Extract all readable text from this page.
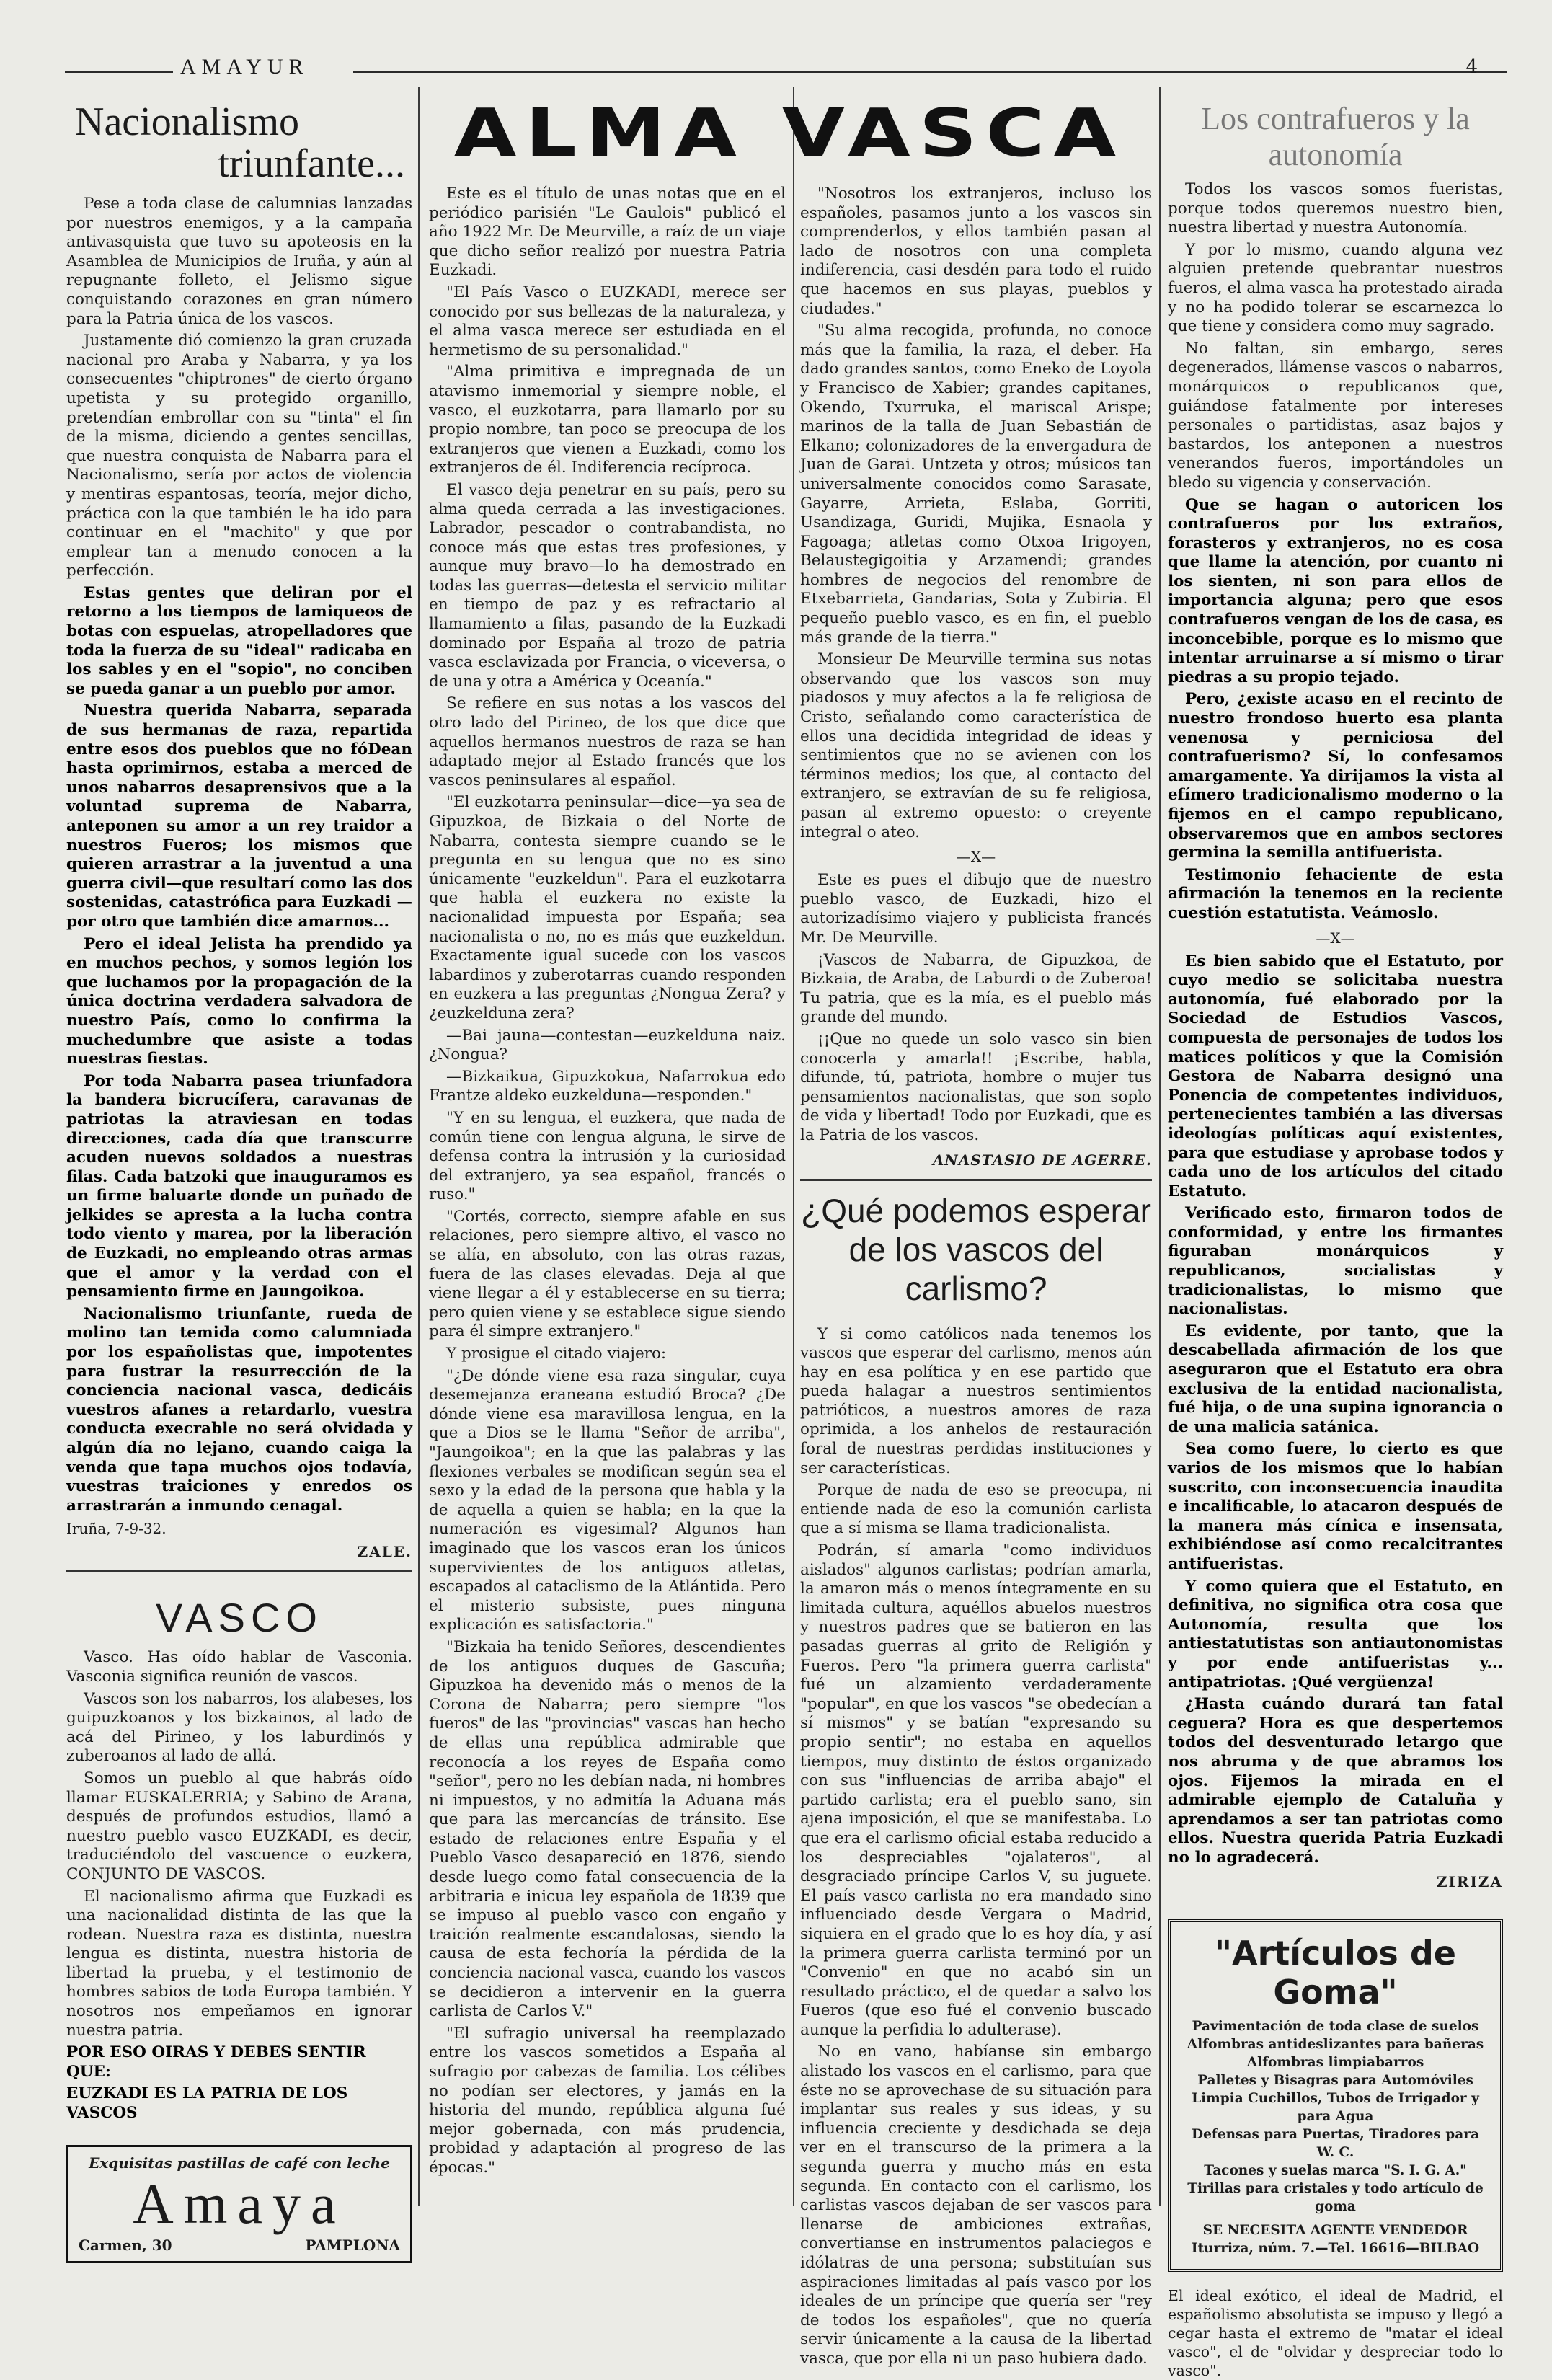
AMAYUR	4
Nacionalismo
triunfante...

Pese a toda clase de calumnias lanzadas por nuestros enemigos, y a la campaña antivasquista que tuvo su apoteosis en la Asamblea de Municipios de Iruña, y aún al repugnante folleto, el Jelismo sigue conquistando corazones en gran número para la Patria única de los vascos.

Justamente dió comienzo la gran cruzada nacional pro Araba y Nabarra, y ya los consecuentes "chiptrones" de cierto órgano upetista y su protegido organillo, pretendían embrollar con su "tinta" el fin de la misma, diciendo a gentes sencillas, que nuestra conquista de Nabarra para el Nacionalismo, sería por actos de violencia y mentiras espantosas, teoría, mejor dicho, práctica con la que también le ha ido para continuar en el "machito" y que por emplear tan a menudo conocen a la perfección.

Estas gentes que deliran por el retorno a los tiempos de lamiqueos de botas con espuelas, atropelladores que toda la fuerza de su "ideal" radicaba en los sables y en el "sopio", no conciben se pueda ganar a un pueblo por amor.

Nuestra querida Nabarra, separada de sus hermanas de raza, repartida entre esos dos pueblos que no fóDean hasta oprimirnos, estaba a merced de unos nabarros desaprensivos que a la voluntad suprema de Nabarra, anteponen su amor a un rey traidor a nuestros Fueros; los mismos que quieren arrastrar a la juventud a una guerra civil—que resultarí como las dos sostenidas, catastrófica para Euzkadi — por otro que también dice amarnos...

Pero el ideal Jelista ha prendido ya en muchos pechos, y somos legión los que luchamos por la propagación de la única doctrina verdadera salvadora de nuestro País, como lo confirma la muchedumbre que asiste a todas nuestras fiestas.

Por toda Nabarra pasea triunfadora la bandera bicrucífera, caravanas de patriotas la atraviesan en todas direcciones, cada día que transcurre acuden nuevos soldados a nuestras filas. Cada batzoki que inauguramos es un firme baluarte donde un puñado de jelkides se apresta a la lucha contra todo viento y marea, por la liberación de Euzkadi, no empleando otras armas que el amor y la verdad con el pensamiento firme en Jaungoikoa.

Nacionalismo triunfante, rueda de molino tan temida como calumniada por los españolistas que, impotentes para fustrar la resurrección de la conciencia nacional vasca, dedicáis vuestros afanes a retardarlo, vuestra conducta execrable no será olvidada y algún día no lejano, cuando caiga la venda que tapa muchos ojos todavía, vuestras traiciones y enredos os arrastrarán a inmundo cenagal.

Iruña, 7-9-32.
ZALE.
VASCO

Vasco. Has oído hablar de Vasconia. Vasconia significa reunión de vascos.

Vascos son los nabarros, los alabeses, los guipuzkoanos y los bizkainos, al lado de acá del Pirineo, y los laburdinós y zuberoanos al lado de allá.

Somos un pueblo al que habrás oído llamar EUSKALERRIA; y Sabino de Arana, después de profundos estudios, llamó a nuestro pueblo vasco EUZKADI, es decir, traduciéndolo del vascuence o euzkera, CONJUNTO DE VASCOS.

El nacionalismo afirma que Euzkadi es una nacionalidad distinta de las que la rodean. Nuestra raza es distinta, nuestra lengua es distinta, nuestra historia de libertad la prueba, y el testimonio de hombres sabios de toda Europa también. Y nosotros nos empeñamos en ignorar nuestra patria.

POR ESO OIRAS Y DEBES SENTIR QUE:

EUZKADI ES LA PATRIA DE LOS VASCOS

Exquisitas pastillas de café con leche
Amaya
Carmen, 30	PAMPLONA
ALMA VASCA

Este es el título de unas notas que en el periódico parisién "Le Gaulois" publicó el año 1922 Mr. De Meurville, a raíz de un viaje que dicho señor realizó por nuestra Patria Euzkadi.

"El País Vasco o EUZKADI, merece ser conocido por sus bellezas de la naturaleza, y el alma vasca merece ser estudiada en el hermetismo de su personalidad."

"Alma primitiva e impregnada de un atavismo inmemorial y siempre noble, el vasco, el euzkotarra, para llamarlo por su propio nombre, tan poco se preocupa de los extranjeros que vienen a Euzkadi, como los extranjeros de él. Indiferencia recíproca.

El vasco deja penetrar en su país, pero su alma queda cerrada a las investigaciones. Labrador, pescador o contrabandista, no conoce más que estas tres profesiones, y aunque muy bravo—lo ha demostrado en todas las guerras—detesta el servicio militar en tiempo de paz y es refractario al llamamiento a filas, pasando de la Euzkadi dominado por España al trozo de patria vasca esclavizada por Francia, o viceversa, o de una y otra a América y Oceanía."

Se refiere en sus notas a los vascos del otro lado del Pirineo, de los que dice que aquellos hermanos nuestros de raza se han adaptado mejor al Estado francés que los vascos peninsulares al español.

"El euzkotarra peninsular—dice—ya sea de Gipuzkoa, de Bizkaia o del Norte de Nabarra, contesta siempre cuando se le pregunta en su lengua que no es sino únicamente "euzkeldun". Para el euzkotarra que habla el euzkera no existe la nacionalidad impuesta por España; sea nacionalista o no, no es más que euzkeldun. Exactamente igual sucede con los vascos labardinos y zuberotarras cuando responden en euzkera a las preguntas ¿Nongua Zera? y ¿euzkelduna zera?

—Bai jauna—contestan—euzkelduna naiz. ¿Nongua?

—Bizkaikua, Gipuzkokua, Nafarrokua edo Frantze aldeko euzkelduna—responden."

"Y en su lengua, el euzkera, que nada de común tiene con lengua alguna, le sirve de defensa contra la intrusión y la curiosidad del extranjero, ya sea español, francés o ruso."

"Cortés, correcto, siempre afable en sus relaciones, pero siempre altivo, el vasco no se alía, en absoluto, con las otras razas, fuera de las clases elevadas. Deja al que viene llegar a él y establecerse en su tierra; pero quien viene y se establece sigue siendo para él simpre extranjero."

Y prosigue el citado viajero:

"¿De dónde viene esa raza singular, cuya desemejanza eraneana estudió Broca? ¿De dónde viene esa maravillosa lengua, en la que a Dios se le llama "Señor de arriba", "Jaungoikoa"; en la que las palabras y las flexiones verbales se modifican según sea el sexo y la edad de la persona que habla y la de aquella a quien se habla; en la que la numeración es vigesimal? Algunos han imaginado que los vascos eran los únicos supervivientes de los antiguos atletas, escapados al cataclismo de la Atlántida. Pero el misterio subsiste, pues ninguna explicación es satisfactoria."

"Bizkaia ha tenido Señores, descendientes de los antiguos duques de Gascuña; Gipuzkoa ha devenido más o menos de la Corona de Nabarra; pero siempre "los fueros" de las "provincias" vascas han hecho de ellas una república admirable que reconocía a los reyes de España como "señor", pero no les debían nada, ni hombres ni impuestos, y no admitía la Aduana más que para las mercancías de tránsito. Ese estado de relaciones entre España y el Pueblo Vasco desapareció en 1876, siendo desde luego como fatal consecuencia de la arbitraria e inicua ley española de 1839 que se impuso al pueblo vasco con engaño y traición realmente escandalosas, siendo la causa de esta fechoría la pérdida de la conciencia nacional vasca, cuando los vascos se decidieron a intervenir en la guerra carlista de Carlos V."

"El sufragio universal ha reemplazado entre los vascos sometidos a España al sufragio por cabezas de familia. Los célibes no podían ser electores, y jamás en la historia del mundo, república alguna fué mejor gobernada, con más prudencia, probidad y adaptación al progreso de las épocas."

"Nosotros los extranjeros, incluso los españoles, pasamos junto a los vascos sin comprenderlos, y ellos también pasan al lado de nosotros con una completa indiferencia, casi desdén para todo el ruido que hacemos en sus playas, pueblos y ciudades."

"Su alma recogida, profunda, no conoce más que la familia, la raza, el deber. Ha dado grandes santos, como Eneko de Loyola y Francisco de Xabier; grandes capitanes, Okendo, Txurruka, el mariscal Arispe; marinos de la talla de Juan Sebastián de Elkano; colonizadores de la envergadura de Juan de Garai. Untzeta y otros; músicos tan universalmente conocidos como Sarasate, Gayarre, Arrieta, Eslaba, Gorriti, Usandizaga, Guridi, Mujika, Esnaola y Fagoaga; atletas como Otxoa Irigoyen, Belaustegigoitia y Arzamendi; grandes hombres de negocios del renombre de Etxebarrieta, Gandarias, Sota y Zubiria. El pequeño pueblo vasco, es en fin, el pueblo más grande de la tierra."

Monsieur De Meurville termina sus notas observando que los vascos son muy piadosos y muy afectos a la fe religiosa de Cristo, señalando como característica de ellos una decidida integridad de ideas y sentimientos que no se avienen con los términos medios; los que, al contacto del extranjero, se extravían de su fe religiosa, pasan al extremo opuesto: o creyente integral o ateo.

—X—

Este es pues el dibujo que de nuestro pueblo vasco, de Euzkadi, hizo el autorizadísimo viajero y publicista francés Mr. De Meurville.

¡Vascos de Nabarra, de Gipuzkoa, de Bizkaia, de Araba, de Laburdi o de Zuberoa! Tu patria, que es la mía, es el pueblo más grande del mundo.

¡¡Que no quede un solo vasco sin bien conocerla y amarla!! ¡Escribe, habla, difunde, tú, patriota, hombre o mujer tus pensamientos nacionalistas, que son soplo de vida y libertad! Todo por Euzkadi, que es la Patria de los vascos.

ANASTASIO DE AGERRE.
¿Qué podemos esperar de los vascos del carlismo?

Y si como católicos nada tenemos los vascos que esperar del carlismo, menos aún hay en esa política y en ese partido que pueda halagar a nuestros sentimientos patrióticos, a nuestros amores de raza oprimida, a los anhelos de restauración foral de nuestras perdidas instituciones y ser características.

Porque de nada de eso se preocupa, ni entiende nada de eso la comunión carlista que a sí misma se llama tradicionalista.

Podrán, sí amarla "como individuos aislados" algunos carlistas; podrían amarla, la amaron más o menos íntegramente en su limitada cultura, aquéllos abuelos nuestros y nuestros padres que se batieron en las pasadas guerras al grito de Religión y Fueros. Pero "la primera guerra carlista" fué un alzamiento verdaderamente "popular", en que los vascos "se obedecían a sí mismos" y se batían "expresando su propio sentir"; no estaba en aquellos tiempos, muy distinto de éstos organizado con sus "influencias de arriba abajo" el partido carlista; era el pueblo sano, sin ajena imposición, el que se manifestaba. Lo que era el carlismo oficial estaba reducido a los despreciables "ojalateros", al desgraciado príncipe Carlos V, su juguete. El país vasco carlista no era mandado sino influenciado desde Vergara o Madrid, siquiera en el grado que lo es hoy día, y así la primera guerra carlista terminó por un "Convenio" en que no acabó sin un resultado práctico, el de quedar a salvo los Fueros (que eso fué el convenio buscado aunque la perfidia lo adulterase).

No en vano, habíanse sin embargo alistado los vascos en el carlismo, para que éste no se aprovechase de su situación para implantar sus reales y sus ideas, y su influencia creciente y desdichada se deja ver en el transcurso de la primera a la segunda guerra y mucho más en esta segunda. En contacto con el carlismo, los carlistas vascos dejaban de ser vascos para llenarse de ambiciones extrañas, convertianse en instrumentos palaciegos e idólatras de una persona; substituían sus aspiraciones limitadas al país vasco por los ideales de un príncipe que quería ser "rey de todos los españoles", que no quería servir únicamente a la causa de la libertad vasca, que por ella ni un paso hubiera dado.

Los contrafueros y la autonomía

Todos los vascos somos fueristas, porque todos queremos nuestro bien, nuestra libertad y nuestra Autonomía.

Y por lo mismo, cuando alguna vez alguien pretende quebrantar nuestros fueros, el alma vasca ha protestado airada y no ha podido tolerar se escarnezca lo que tiene y considera como muy sagrado.

No faltan, sin embargo, seres degenerados, llámense vascos o nabarros, monárquicos o republicanos que, guiándose fatalmente por intereses personales o partidistas, asaz bajos y bastardos, los anteponen a nuestros venerandos fueros, importándoles un bledo su vigencia y conservación.

Que se hagan o autoricen los contrafueros por los extraños, forasteros y extranjeros, no es cosa que llame la atención, por cuanto ni los sienten, ni son para ellos de importancia alguna; pero que esos contrafueros vengan de los de casa, es inconcebible, porque es lo mismo que intentar arruinarse a sí mismo o tirar piedras a su propio tejado.

Pero, ¿existe acaso en el recinto de nuestro frondoso huerto esa planta venenosa y perniciosa del contrafuerismo? Sí, lo confesamos amargamente. Ya dirijamos la vista al efímero tradicionalismo moderno o la fijemos en el campo republicano, observaremos que en ambos sectores germina la semilla antifuerista.

Testimonio fehaciente de esta afirmación la tenemos en la reciente cuestión estatutista. Veámoslo.

—X—

Es bien sabido que el Estatuto, por cuyo medio se solicitaba nuestra autonomía, fué elaborado por la Sociedad de Estudios Vascos, compuesta de personajes de todos los matices políticos y que la Comisión Gestora de Nabarra designó una Ponencia de competentes individuos, pertenecientes también a las diversas ideologías políticas aquí existentes, para que estudiase y aprobase todos y cada uno de los artículos del citado Estatuto.

Verificado esto, firmaron todos de conformidad, y entre los firmantes figuraban monárquicos y republicanos, socialistas y tradicionalistas, lo mismo que nacionalistas.

Es evidente, por tanto, que la descabellada afirmación de los que aseguraron que el Estatuto era obra exclusiva de la entidad nacionalista, fué hija, o de una supina ignorancia o de una malicia satánica.

Sea como fuere, lo cierto es que varios de los mismos que lo habían suscrito, con inconsecuencia inaudita e incalificable, lo atacaron después de la manera más cínica e insensata, exhibiéndose así como recalcitrantes antifueristas.

Y como quiera que el Estatuto, en definitiva, no significa otra cosa que Autonomía, resulta que los antiestatutistas son antiautonomistas y por ende antifueristas y... antipatriotas. ¡Qué vergüenza!

¿Hasta cuándo durará tan fatal ceguera? Hora es que despertemos todos del desventurado letargo que nos abruma y de que abramos los ojos. Fijemos la mirada en el admirable ejemplo de Cataluña y aprendamos a ser tan patriotas como ellos. Nuestra querida Patria Euzkadi no lo agradecerá.

ZIRIZA
"Artículos de Goma"
Pavimentación de toda clase de suelos
Alfombras antideslizantes para bañeras
Alfombras limpiabarros
Palletes y Bisagras para Automóviles
Limpia Cuchillos, Tubos de Irrigador y para Agua
Defensas para Puertas, Tiradores para W. C.
Tacones y suelas marca "S. I. G. A."
Tirillas para cristales y todo artículo de goma
SE NECESITA AGENTE VENDEDOR
Iturriza, núm. 7.—Tel. 16616—BILBAO
El ideal exótico, el ideal de Madrid, el españolismo absolutista se impuso y llegó a cegar hasta el extremo de "matar el ideal vasco", el de "olvidar y despreciar todo lo vasco".
